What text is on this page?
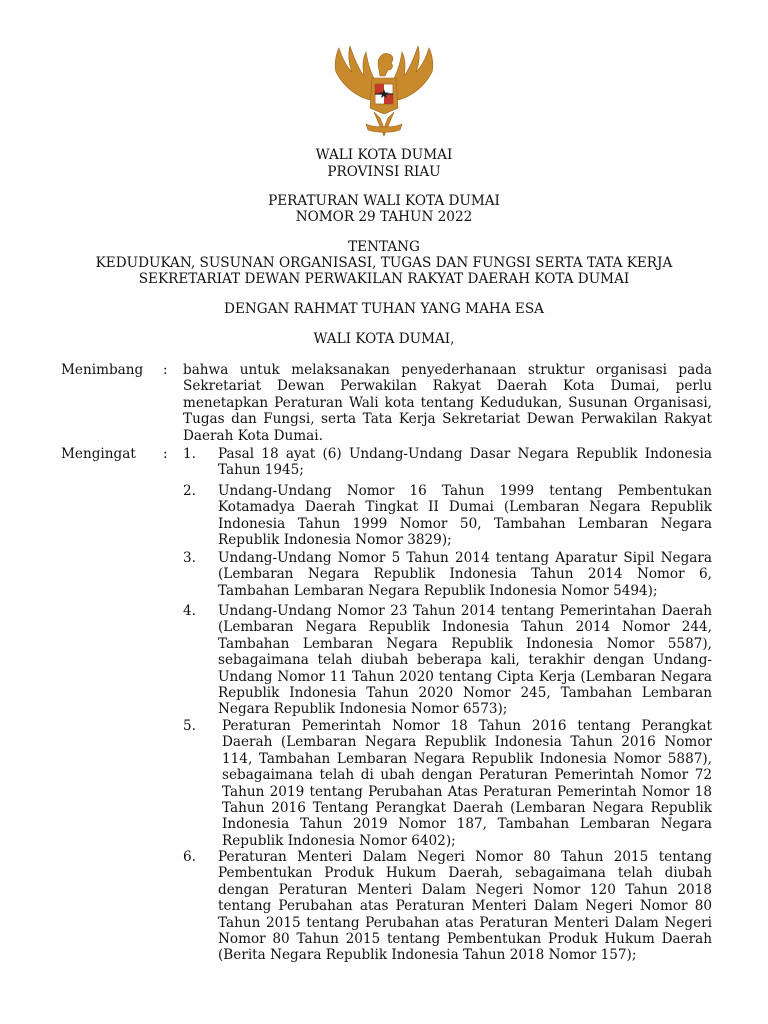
WALI KOTA DUMAI
PROVINSI RIAU
PERATURAN WALI KOTA DUMAI
NOMOR 29 TAHUN 2022
TENTANG
KEDUDUKAN, SUSUNAN ORGANISASI, TUGAS DAN FUNGSI SERTA TATA KERJA
SEKRETARIAT DEWAN PERWAKILAN RAKYAT DAERAH KOTA DUMAI
DENGAN RAHMAT TUHAN YANG MAHA ESA
WALI KOTA DUMAI,
Menimbang : bahwa untuk melaksanakan penyederhanaan struktur organisasi pada Sekretariat Dewan Perwakilan Rakyat Daerah Kota Dumai, perlu menetapkan Peraturan Wali kota tentang Kedudukan, Susunan Organisasi, Tugas dan Fungsi, serta Tata Kerja Sekretariat Dewan Perwakilan Rakyat Daerah Kota Dumai.
Mengingat : 1. Pasal 18 ayat (6) Undang-Undang Dasar Negara Republik Indonesia Tahun 1945;
2. Undang-Undang Nomor 16 Tahun 1999 tentang Pembentukan Kotamadya Daerah Tingkat II Dumai (Lembaran Negara Republik Indonesia Tahun 1999 Nomor 50, Tambahan Lembaran Negara Republik Indonesia Nomor 3829);
3. Undang-Undang Nomor 5 Tahun 2014 tentang Aparatur Sipil Negara (Lembaran Negara Republik Indonesia Tahun 2014 Nomor 6, Tambahan Lembaran Negara Republik Indonesia Nomor 5494);
4. Undang-Undang Nomor 23 Tahun 2014 tentang Pemerintahan Daerah (Lembaran Negara Republik Indonesia Tahun 2014 Nomor 244, Tambahan Lembaran Negara Republik Indonesia Nomor 5587), sebagaimana telah diubah beberapa kali, terakhir dengan Undang-Undang Nomor 11 Tahun 2020 tentang Cipta Kerja (Lembaran Negara Republik Indonesia Tahun 2020 Nomor 245, Tambahan Lembaran Negara Republik Indonesia Nomor 6573);
5. Peraturan Pemerintah Nomor 18 Tahun 2016 tentang Perangkat Daerah (Lembaran Negara Republik Indonesia Tahun 2016 Nomor 114, Tambahan Lembaran Negara Republik Indonesia Nomor 5887), sebagaimana telah di ubah dengan Peraturan Pemerintah Nomor 72 Tahun 2019 tentang Perubahan Atas Peraturan Pemerintah Nomor 18 Tahun 2016 Tentang Perangkat Daerah (Lembaran Negara Republik Indonesia Tahun 2019 Nomor 187, Tambahan Lembaran Negara Republik Indonesia Nomor 6402);
6. Peraturan Menteri Dalam Negeri Nomor 80 Tahun 2015 tentang Pembentukan Produk Hukum Daerah, sebagaimana telah diubah dengan Peraturan Menteri Dalam Negeri Nomor 120 Tahun 2018 tentang Perubahan atas Peraturan Menteri Dalam Negeri Nomor 80 Tahun 2015 tentang Perubahan atas Peraturan Menteri Dalam Negeri Nomor 80 Tahun 2015 tentang Pembentukan Produk Hukum Daerah (Berita Negara Republik Indonesia Tahun 2018 Nomor 157);
